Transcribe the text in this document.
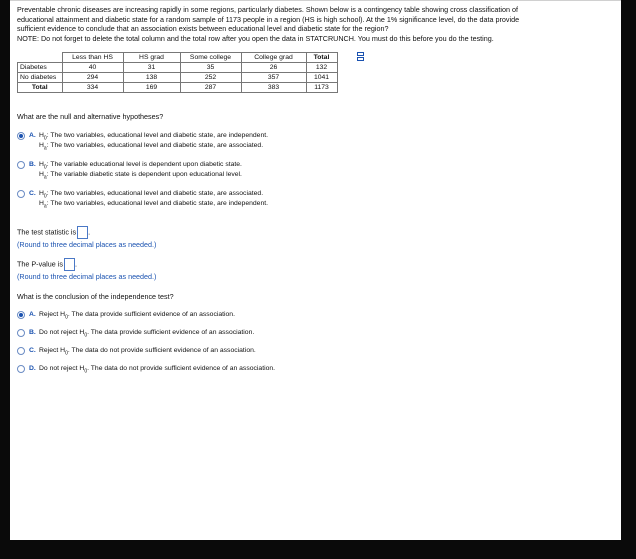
Preventable chronic diseases are increasing rapidly in some regions, particularly diabetes. Shown below is a contingency table showing cross classification of

educational attainment and diabetic state for a random sample of 1173 people in a region (HS is high school). At the 1% significance level, do the data provide

sufficient evidence to conclude that an association exists between educational level and diabetic state for the region?

NOTE: Do not forget to delete the total column and the total row after you open the data in STATCRUNCH. You must do this before you do the testing.

	Less than HS	HS grad	Some college	College grad	Total
Diabetes	40	31	35	26	132
No diabetes	294	138	252	357	1041
Total	334	169	287	383	1173
What are the null and alternative hypotheses?
A. $H_0$: The two variables, educational level and diabetic state, are independent.
$H_a$: The two variables, educational level and diabetic state, are associated.
B. $H_0$: The variable educational level is dependent upon diabetic state.
$H_a$: The variable diabetic state is dependent upon educational level.
C. $H_0$: The two variables, educational level and diabetic state, are associated.
$H_a$: The two variables, educational level and diabetic state, are independent.
The test statistic is .
(Round to three decimal places as needed.)
The P-value is .
(Round to three decimal places as needed.)
What is the conclusion of the independence test?
A. Reject $H_0$. The data provide sufficient evidence of an association.
B. Do not reject $H_0$. The data provide sufficient evidence of an association.
C. Reject $H_0$. The data do not provide sufficient evidence of an association.
D. Do not reject $H_0$. The data do not provide sufficient evidence of an association.
